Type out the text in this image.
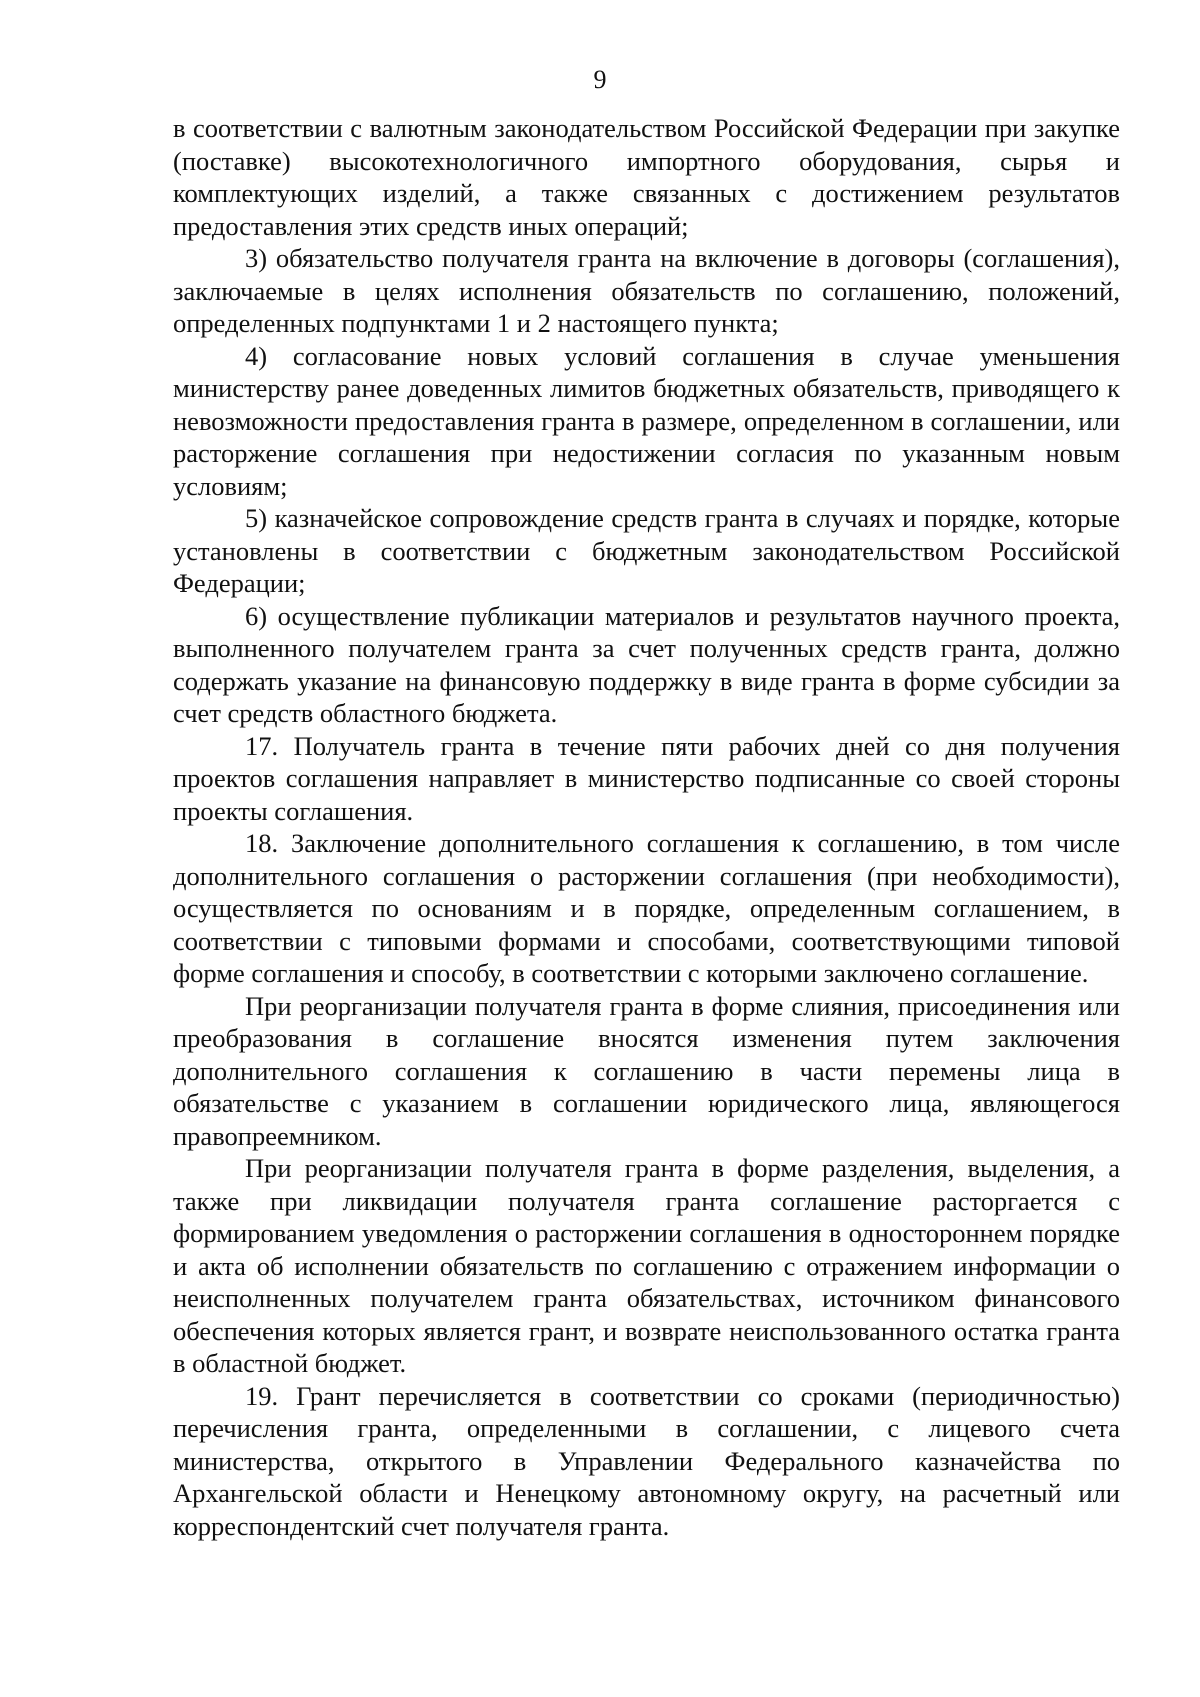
9

в соответствии с валютным законодательством Российской Федерации при закупке (поставке) высокотехнологичного импортного оборудования, сырья и комплектующих изделий, а также связанных с достижением результатов предоставления этих средств иных операций;

3) обязательство получателя гранта на включение в договоры (соглашения), заключаемые в целях исполнения обязательств по соглашению, положений, определенных подпунктами 1 и 2 настоящего пункта;

4) согласование новых условий соглашения в случае уменьшения министерству ранее доведенных лимитов бюджетных обязательств, приводящего к невозможности предоставления гранта в размере, определенном в соглашении, или расторжение соглашения при недостижении согласия по указанным новым условиям;

5) казначейское сопровождение средств гранта в случаях и порядке, которые установлены в соответствии с бюджетным законодательством Российской Федерации;

6) осуществление публикации материалов и результатов научного проекта, выполненного получателем гранта за счет полученных средств гранта, должно содержать указание на финансовую поддержку в виде гранта в форме субсидии за счет средств областного бюджета.

17. Получатель гранта в течение пяти рабочих дней со дня получения проектов соглашения направляет в министерство подписанные со своей стороны проекты соглашения.

18. Заключение дополнительного соглашения к соглашению, в том числе дополнительного соглашения о расторжении соглашения (при необходимости), осуществляется по основаниям и в порядке, определенным соглашением, в соответствии с типовыми формами и способами, соответствующими типовой форме соглашения и способу, в соответствии с которыми заключено соглашение.

При реорганизации получателя гранта в форме слияния, присоединения или преобразования в соглашение вносятся изменения путем заключения дополнительного соглашения к соглашению в части перемены лица в обязательстве с указанием в соглашении юридического лица, являющегося правопреемником.

При реорганизации получателя гранта в форме разделения, выделения, а также при ликвидации получателя гранта соглашение расторгается с формированием уведомления о расторжении соглашения в одностороннем порядке и акта об исполнении обязательств по соглашению с отражением информации о неисполненных получателем гранта обязательствах, источником финансового обеспечения которых является грант, и возврате неиспользованного остатка гранта в областной бюджет.

19. Грант перечисляется в соответствии со сроками (периодичностью) перечисления гранта, определенными в соглашении, с лицевого счета министерства, открытого в Управлении Федерального казначейства по Архангельской области и Ненецкому автономному округу, на расчетный или корреспондентский счет получателя гранта.
